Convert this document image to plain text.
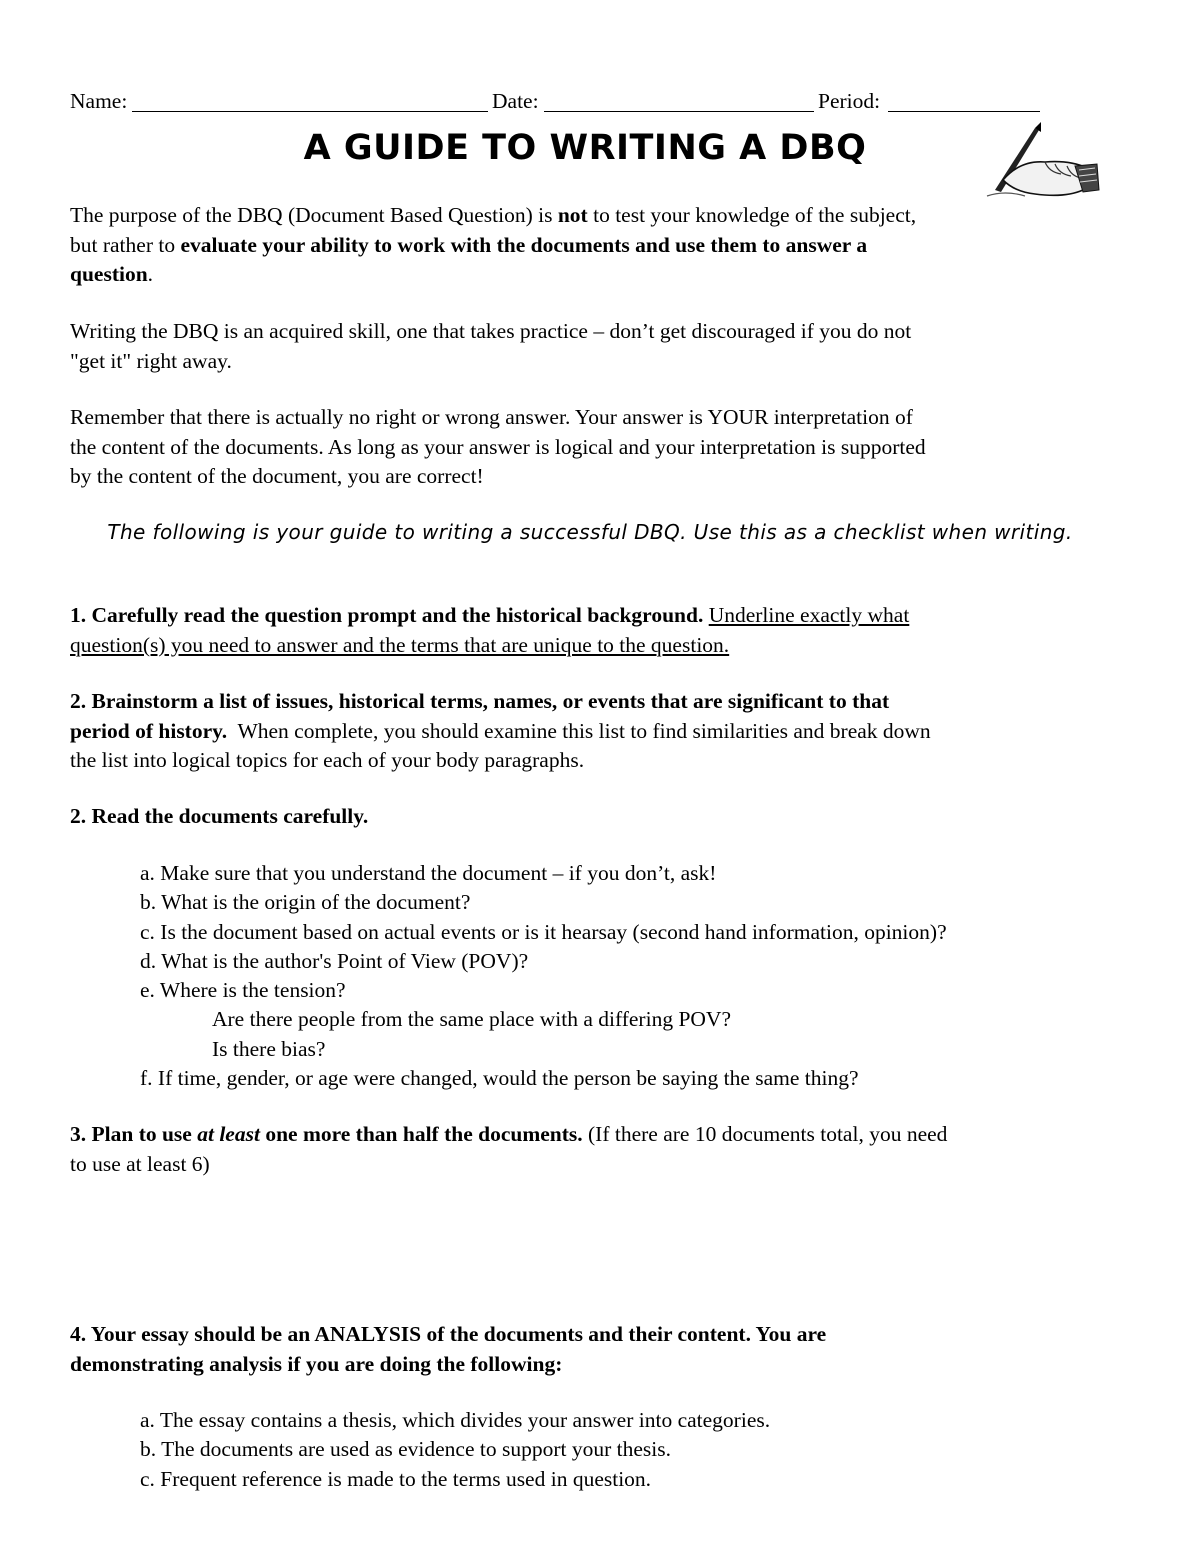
Name:	Date:	Period:
A GUIDE TO WRITING A DBQ
The purpose of the DBQ (Document Based Question) is not to test your knowledge of the subject,
but rather to evaluate your ability to work with the documents and use them to answer a
question.
Writing the DBQ is an acquired skill, one that takes practice – don’t get discouraged if you do not
"get it" right away.
Remember that there is actually no right or wrong answer. Your answer is YOUR interpretation of
the content of the documents. As long as your answer is logical and your interpretation is supported
by the content of the document, you are correct!
The following is your guide to writing a successful DBQ. Use this as a checklist when writing.
1. Carefully read the question prompt and the historical background. Underline exactly what
question(s) you need to answer and the terms that are unique to the question.
2. Brainstorm a list of issues, historical terms, names, or events that are significant to that
period of history.  When complete, you should examine this list to find similarities and break down
the list into logical topics for each of your body paragraphs.
2. Read the documents carefully.
a. Make sure that you understand the document – if you don’t, ask!
b. What is the origin of the document?
c. Is the document based on actual events or is it hearsay (second hand information, opinion)?
d. What is the author's Point of View (POV)?
e. Where is the tension?
Are there people from the same place with a differing POV?
Is there bias?
f. If time, gender, or age were changed, would the person be saying the same thing?
3. Plan to use at least one more than half the documents. (If there are 10 documents total, you need
to use at least 6)
4. Your essay should be an ANALYSIS of the documents and their content. You are
demonstrating analysis if you are doing the following:
a. The essay contains a thesis, which divides your answer into categories.
b. The documents are used as evidence to support your thesis.
c. Frequent reference is made to the terms used in question.
